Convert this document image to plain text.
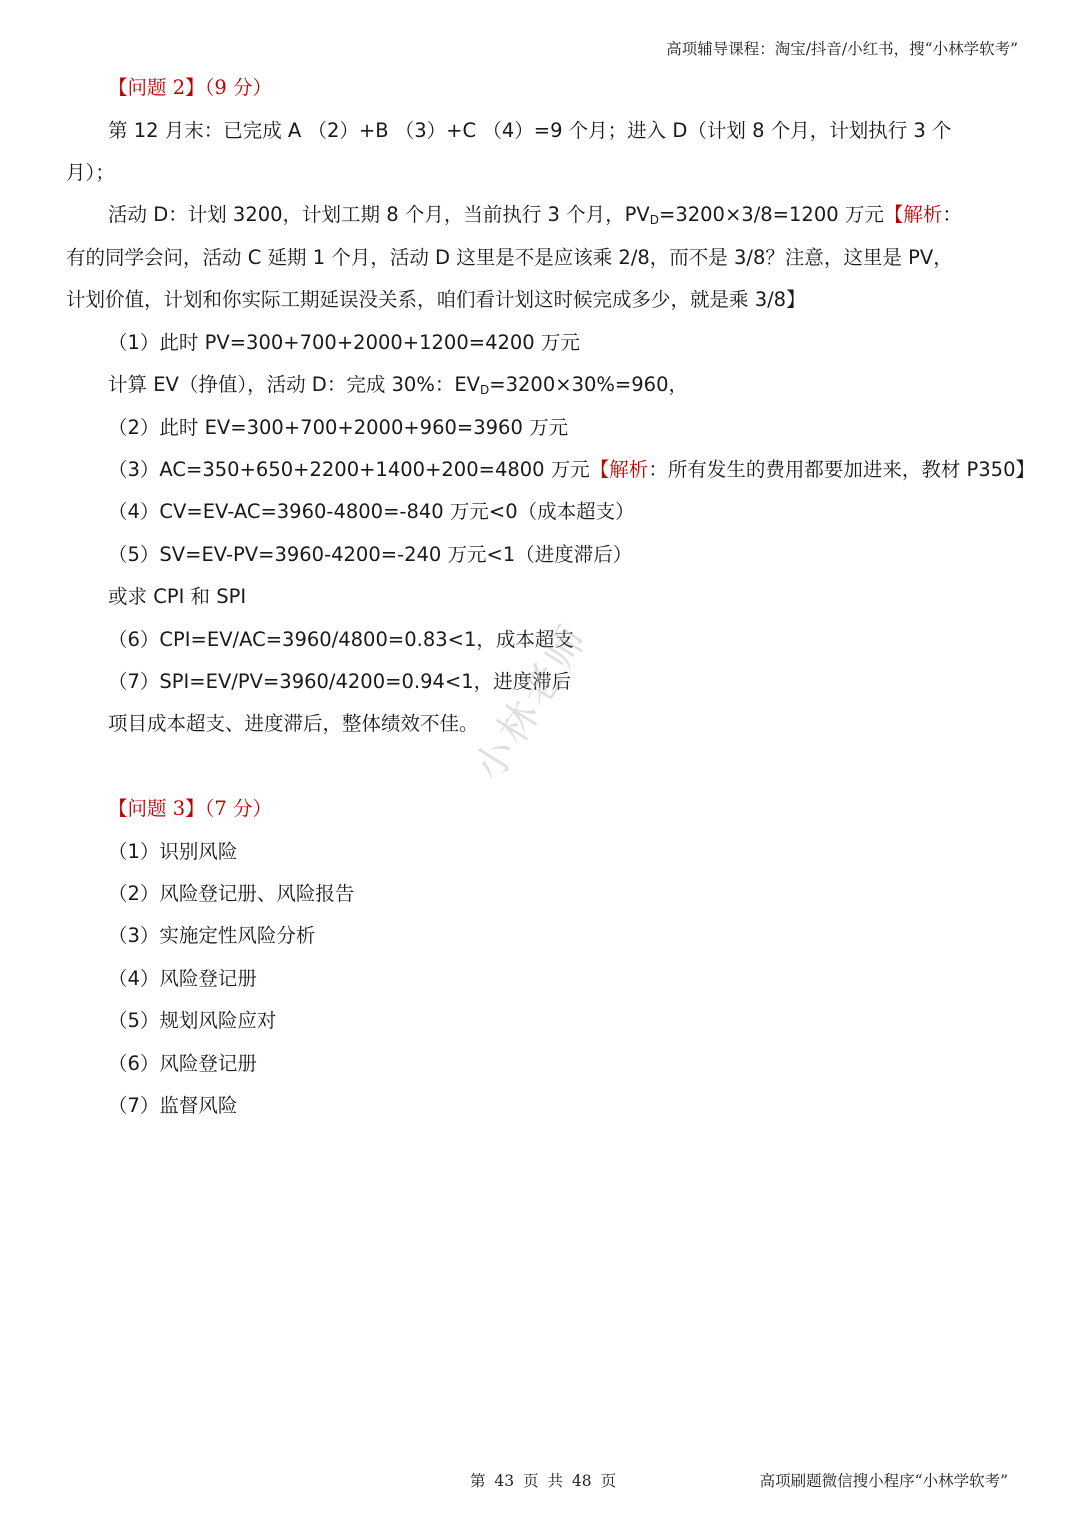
高项辅导课程：淘宝/抖音/小红书，搜“小林学软考”
【问题 2】（9 分）
第 12 月末：已完成 A （2）+B （3）+C （4）=9 个月；进入 D（计划 8 个月，计划执行 3 个
月）；
活动 D：计划 3200，计划工期 8 个月，当前执行 3 个月，$PV_D=3200\times 3/8=1200$ 万元【解析：
有的同学会问，活动 C 延期 1 个月，活动 D 这里是不是应该乘 2/8，而不是 3/8？注意，这里是 PV，
计划价值，计划和你实际工期延误没关系，咱们看计划这时候完成多少，就是乘 3/8】
（1）此时 PV=300+700+2000+1200=4200 万元
计算 EV（挣值），活动 D：完成 30%：$EV_D=3200\times 30\%=960$，
（2）此时 EV=300+700+2000+960=3960 万元
（3）AC=350+650+2200+1400+200=4800 万元【解析：所有发生的费用都要加进来，教材 P350】
（4）CV=EV-AC=3960-4800=-840 万元<0（成本超支）
（5）SV=EV-PV=3960-4200=-240 万元<1（进度滞后）
或求 CPI 和 SPI
（6）CPI=EV/AC=3960/4800=0.83<1，成本超支
（7）SPI=EV/PV=3960/4200=0.94<1，进度滞后
项目成本超支、进度滞后，整体绩效不佳。
【问题 3】（7 分）
（1）识别风险
（2）风险登记册、风险报告
（3）实施定性风险分析
（4）风险登记册
（5）规划风险应对
（6）风险登记册
（7）监督风险
小林老师
第 43 页 共 48 页	高项刷题微信搜小程序“小林学软考”
